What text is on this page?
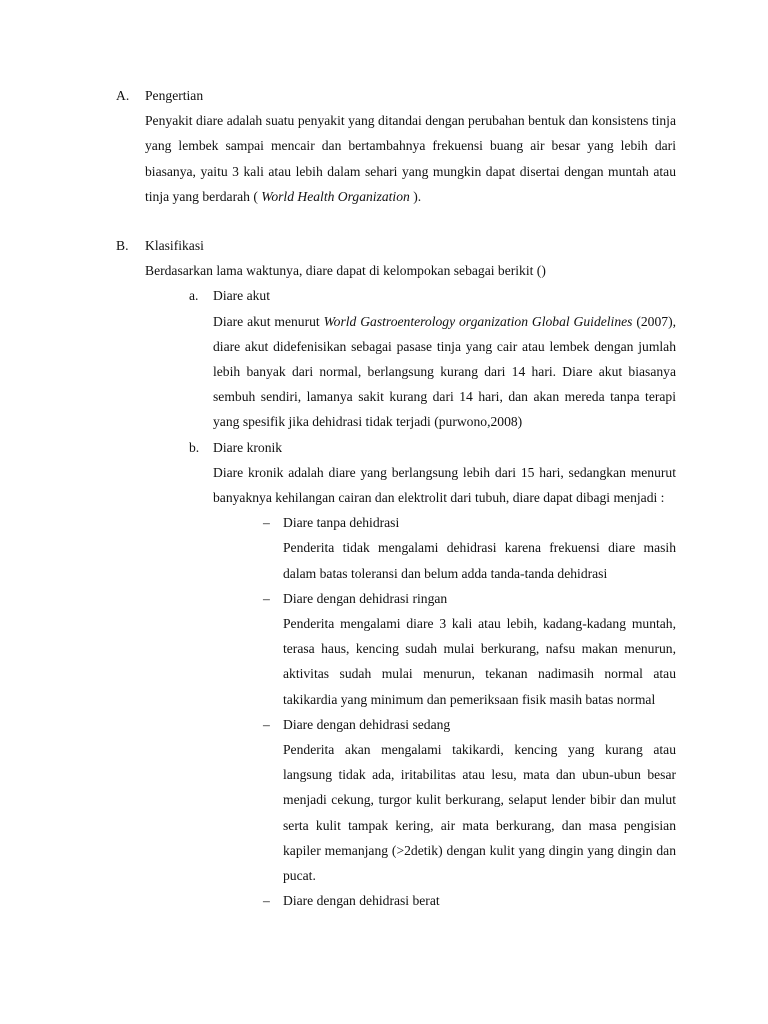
A.	Pengertian
Penyakit diare adalah suatu penyakit yang ditandai dengan perubahan bentuk dan konsistens tinja yang lembek sampai mencair dan bertambahnya frekuensi buang air besar yang lebih dari biasanya, yaitu 3 kali atau lebih dalam sehari yang mungkin dapat disertai dengan muntah atau tinja yang berdarah ( World Health Organization ).
B.	Klasifikasi
Berdasarkan lama waktunya, diare dapat di kelompokan sebagai berikit ()
a.	Diare akut
Diare akut menurut World Gastroenterology organization Global Guidelines (2007), diare akut didefenisikan sebagai pasase tinja yang cair atau lembek dengan jumlah lebih banyak dari normal, berlangsung kurang dari 14 hari. Diare akut biasanya sembuh sendiri, lamanya sakit kurang dari 14 hari, dan akan mereda tanpa terapi yang spesifik jika dehidrasi tidak terjadi (purwono,2008)
b.	Diare kronik
Diare kronik adalah diare yang berlangsung lebih dari 15 hari, sedangkan menurut banyaknya kehilangan cairan dan elektrolit dari tubuh, diare dapat dibagi menjadi :
– Diare tanpa dehidrasi
Penderita tidak mengalami dehidrasi karena frekuensi diare masih dalam batas toleransi dan belum adda tanda-tanda dehidrasi
– Diare dengan dehidrasi ringan
Penderita mengalami diare 3 kali atau lebih, kadang-kadang muntah, terasa haus, kencing sudah mulai berkurang, nafsu makan menurun, aktivitas sudah mulai menurun, tekanan nadimasih normal atau takikardia yang minimum dan pemeriksaan fisik masih batas normal
– Diare dengan dehidrasi sedang
Penderita akan mengalami takikardi, kencing yang kurang atau langsung tidak ada, iritabilitas atau lesu, mata dan ubun-ubun besar menjadi cekung, turgor kulit berkurang, selaput lender bibir dan mulut serta kulit tampak kering, air mata berkurang, dan masa pengisian kapiler memanjang (>2detik) dengan kulit yang dingin yang dingin dan pucat.
– Diare dengan dehidrasi berat
